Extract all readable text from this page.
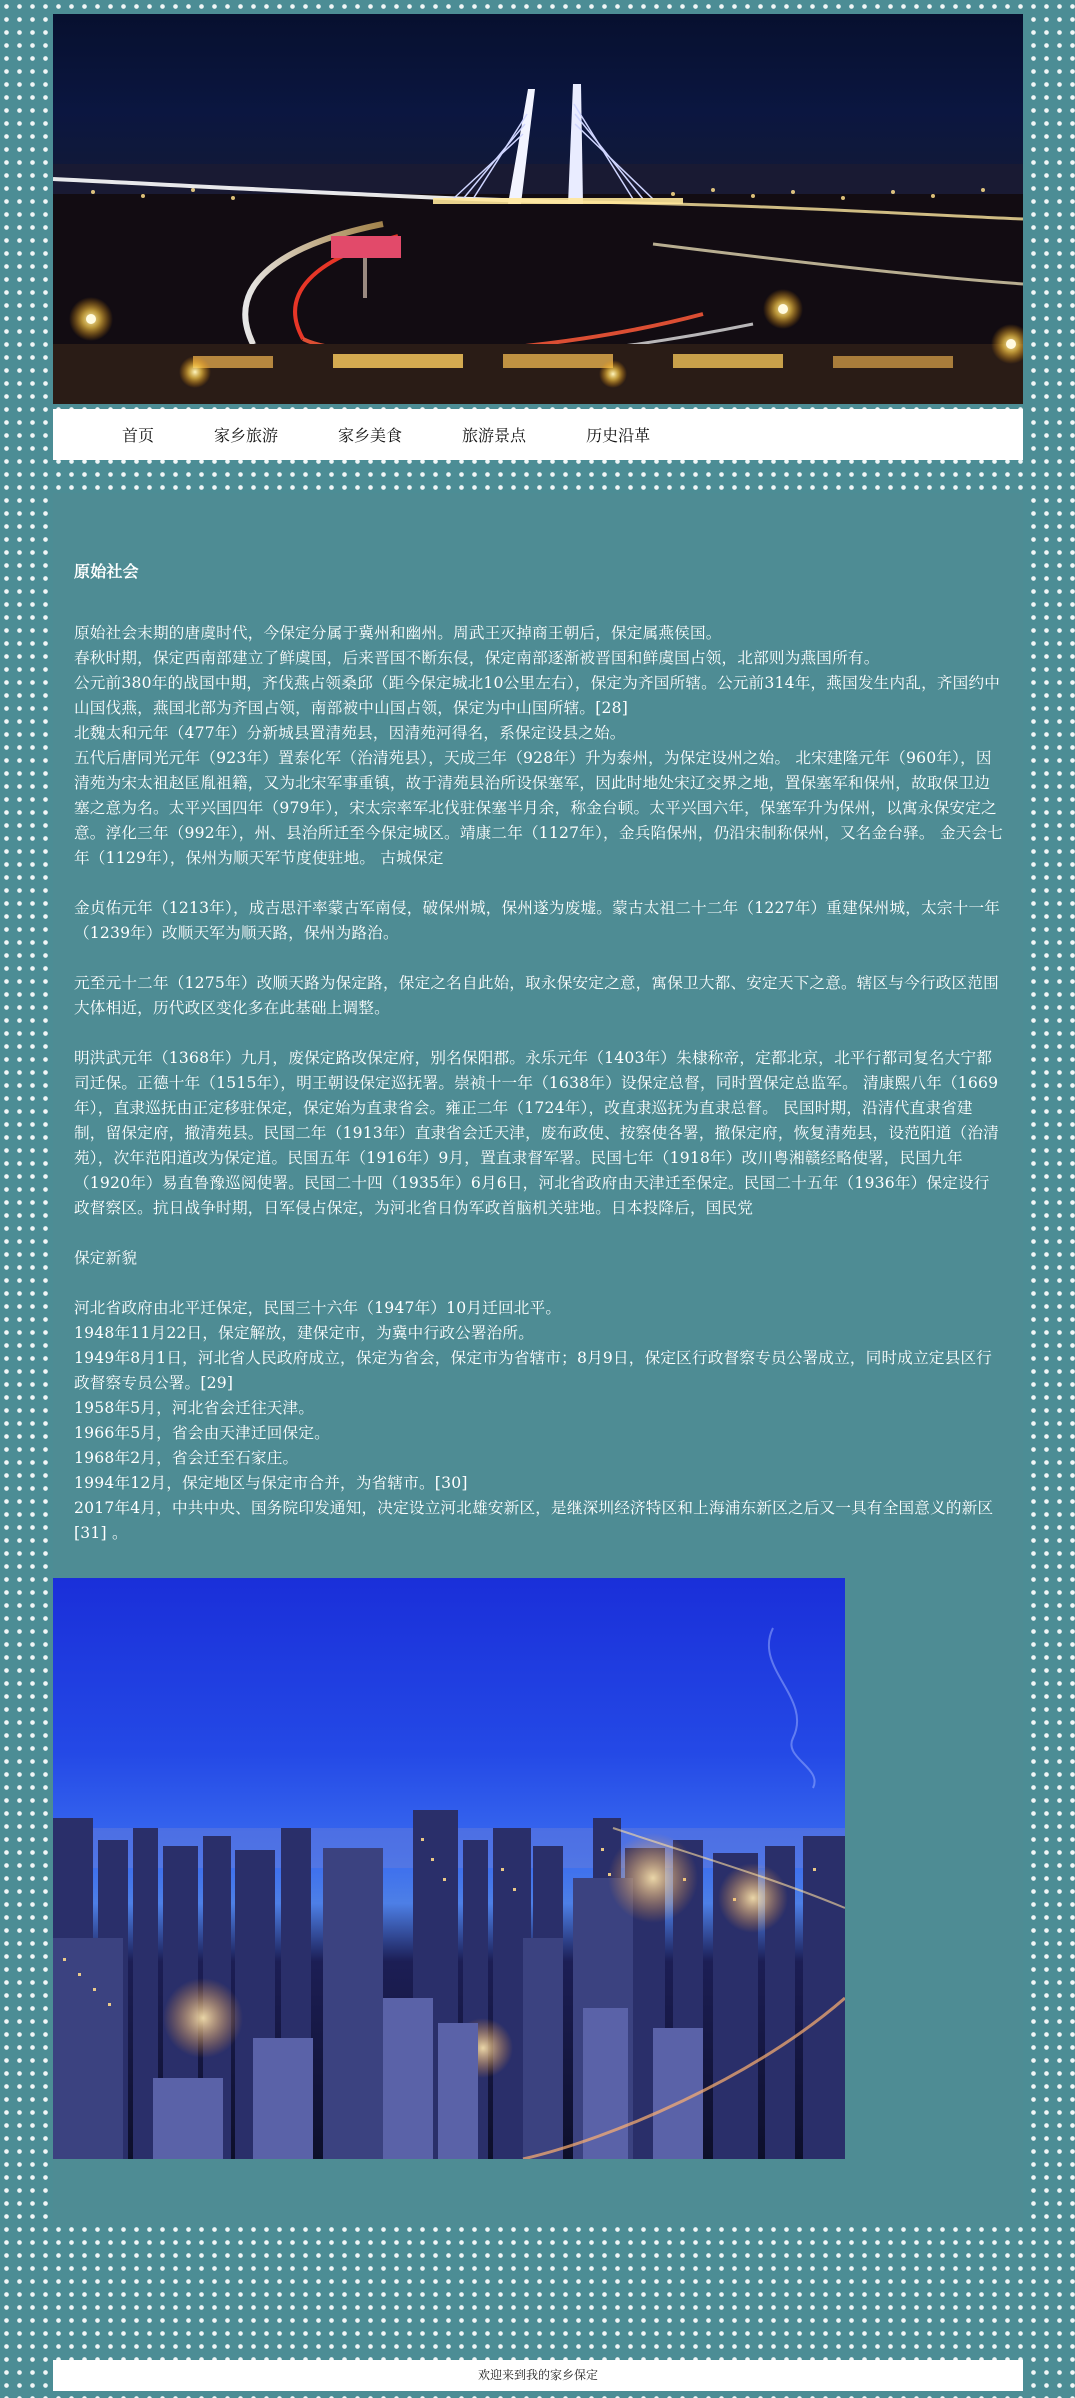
首页	家乡旅游	家乡美食	旅游景点	历史沿革
原始社会

原始社会末期的唐虞时代，今保定分属于冀州和幽州。周武王灭掉商王朝后，保定属燕侯国。

春秋时期，保定西南部建立了鲜虞国，后来晋国不断东侵，保定南部逐渐被晋国和鲜虞国占领，北部则为燕国所有。

公元前380年的战国中期，齐伐燕占领桑邱（距今保定城北10公里左右），保定为齐国所辖。公元前314年，燕国发生内乱，齐国约中山国伐燕，燕国北部为齐国占领，南部被中山国占领，保定为中山国所辖。[28]

北魏太和元年（477年）分新城县置清苑县，因清苑河得名，系保定设县之始。

五代后唐同光元年（923年）置泰化军（治清苑县），天成三年（928年）升为泰州，为保定设州之始。 北宋建隆元年（960年），因清苑为宋太祖赵匡胤祖籍，又为北宋军事重镇，故于清苑县治所设保塞军，因此时地处宋辽交界之地，置保塞军和保州，故取保卫边塞之意为名。太平兴国四年（979年），宋太宗率军北伐驻保塞半月余，称金台顿。太平兴国六年，保塞军升为保州，以寓永保安定之意。淳化三年（992年），州、县治所迁至今保定城区。靖康二年（1127年），金兵陷保州，仍沿宋制称保州，又名金台驿。 金天会七年（1129年），保州为顺天军节度使驻地。 古城保定

金贞佑元年（1213年），成吉思汗率蒙古军南侵，破保州城，保州遂为废墟。蒙古太祖二十二年（1227年）重建保州城，太宗十一年（1239年）改顺天军为顺天路，保州为路治。

元至元十二年（1275年）改顺天路为保定路，保定之名自此始，取永保安定之意，寓保卫大都、安定天下之意。辖区与今行政区范围大体相近，历代政区变化多在此基础上调整。

明洪武元年（1368年）九月，废保定路改保定府，别名保阳郡。永乐元年（1403年）朱棣称帝，定都北京，北平行都司复名大宁都司迁保。正德十年（1515年），明王朝设保定巡抚署。崇祯十一年（1638年）设保定总督，同时置保定总监军。 清康熙八年（1669年），直隶巡抚由正定移驻保定，保定始为直隶省会。雍正二年（1724年），改直隶巡抚为直隶总督。 民国时期，沿清代直隶省建制，留保定府，撤清苑县。民国二年（1913年）直隶省会迁天津，废布政使、按察使各署，撤保定府，恢复清苑县，设范阳道（治清苑），次年范阳道改为保定道。民国五年（1916年）9月，置直隶督军署。民国七年（1918年）改川粤湘赣经略使署，民国九年（1920年）易直鲁豫巡阅使署。民国二十四（1935年）6月6日，河北省政府由天津迁至保定。民国二十五年（1936年）保定设行政督察区。抗日战争时期，日军侵占保定，为河北省日伪军政首脑机关驻地。日本投降后，国民党

保定新貌

河北省政府由北平迁保定，民国三十六年（1947年）10月迁回北平。

1948年11月22日，保定解放，建保定市，为冀中行政公署治所。

1949年8月1日，河北省人民政府成立，保定为省会，保定市为省辖市；8月9日，保定区行政督察专员公署成立，同时成立定县区行政督察专员公署。[29]

1958年5月，河北省会迁往天津。

1966年5月，省会由天津迁回保定。

1968年2月，省会迁至石家庄。

1994年12月，保定地区与保定市合并，为省辖市。[30]

2017年4月，中共中央、国务院印发通知，决定设立河北雄安新区，是继深圳经济特区和上海浦东新区之后又一具有全国意义的新区[31] 。

欢迎来到我的家乡保定
